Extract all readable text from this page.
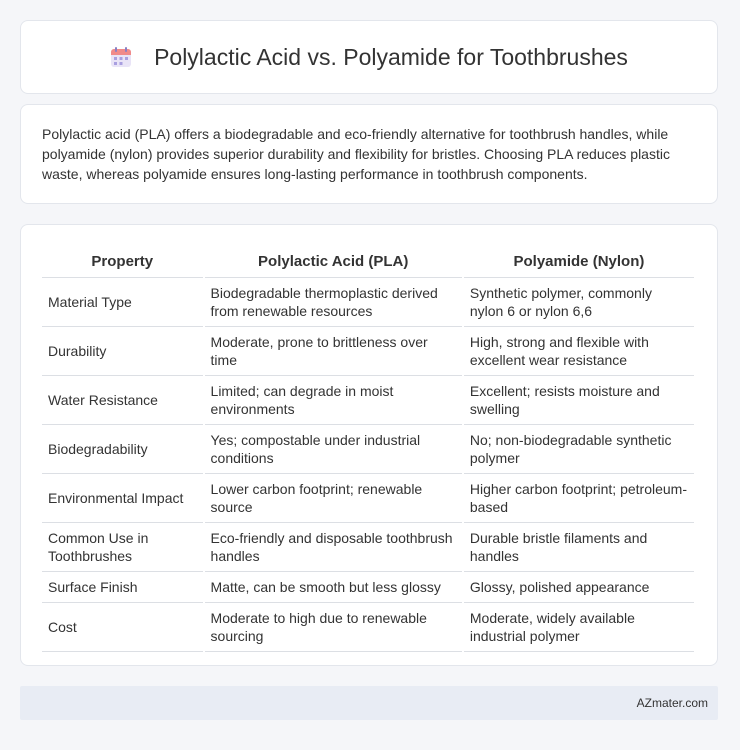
Polylactic Acid vs. Polyamide for Toothbrushes

Polylactic acid (PLA) offers a biodegradable and eco-friendly alternative for toothbrush handles, while polyamide (nylon) provides superior durability and flexibility for bristles. Choosing PLA reduces plastic waste, whereas polyamide ensures long-lasting performance in toothbrush components.

Property	Polylactic Acid (PLA)	Polyamide (Nylon)
Material Type	Biodegradable thermoplastic derived from renewable resources	Synthetic polymer, commonly nylon 6 or nylon 6,6
Durability	Moderate, prone to brittleness over time	High, strong and flexible with excellent wear resistance
Water Resistance	Limited; can degrade in moist environments	Excellent; resists moisture and swelling
Biodegradability	Yes; compostable under industrial conditions	No; non-biodegradable synthetic polymer
Environmental Impact	Lower carbon footprint; renewable source	Higher carbon footprint; petroleum-based
Common Use in Toothbrushes	Eco-friendly and disposable toothbrush handles	Durable bristle filaments and handles
Surface Finish	Matte, can be smooth but less glossy	Glossy, polished appearance
Cost	Moderate to high due to renewable sourcing	Moderate, widely available industrial polymer
AZmater.com
